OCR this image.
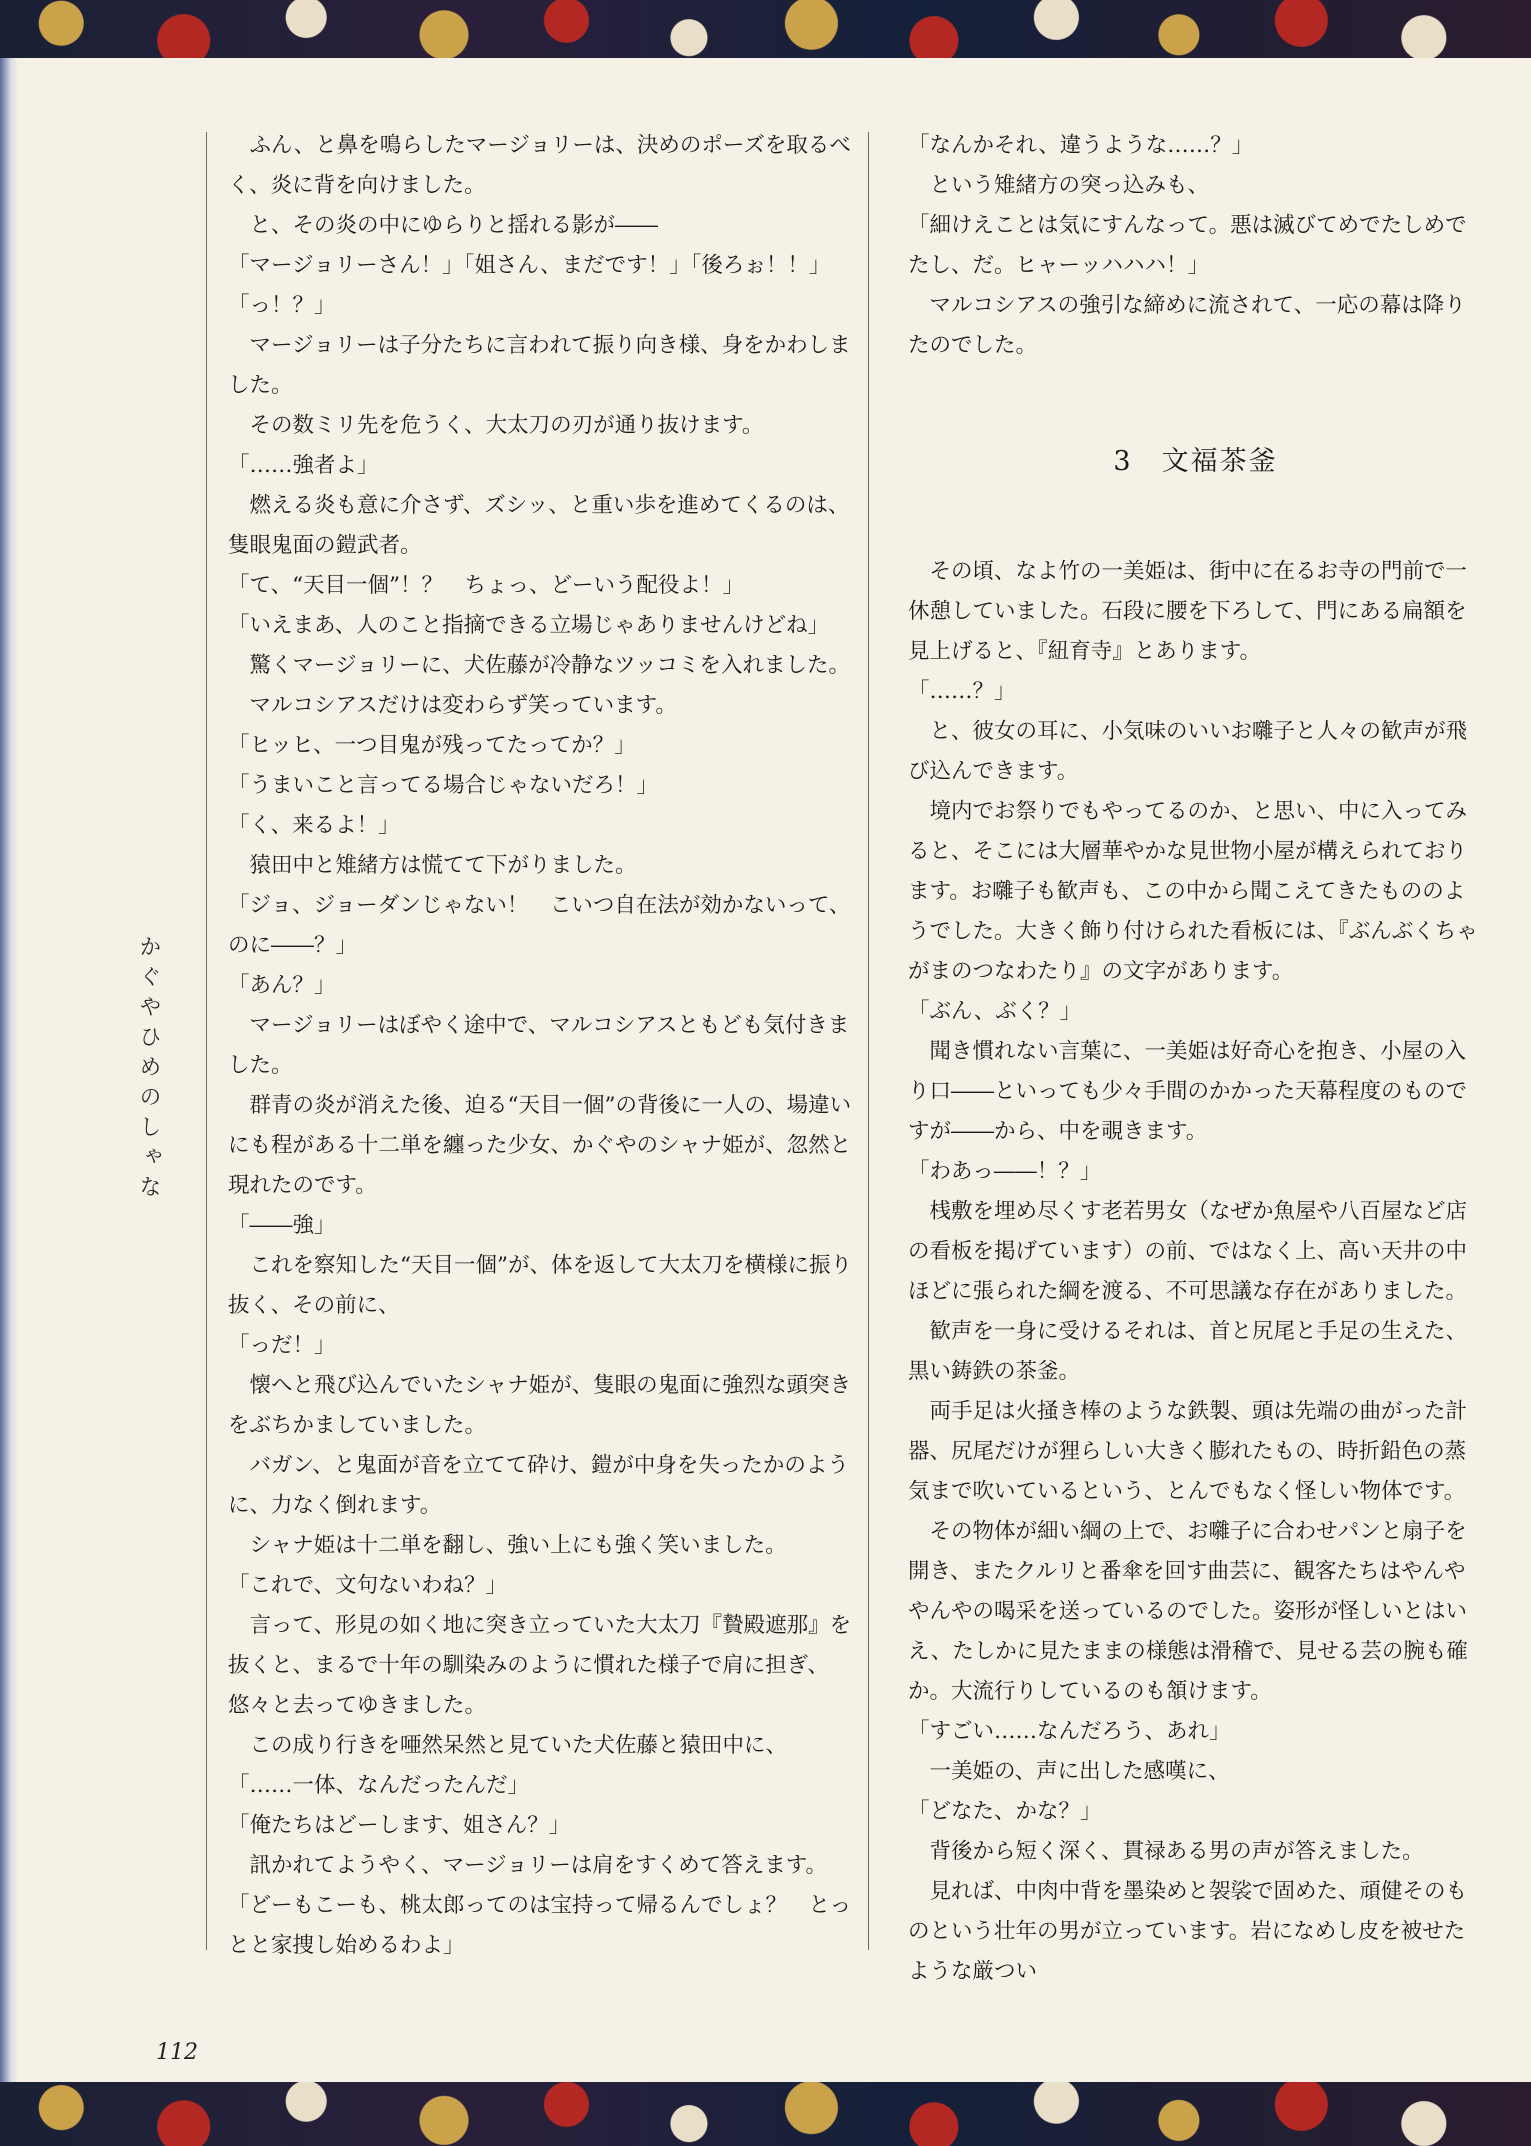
かぐやひめのしゃな

ふん、と鼻を鳴らしたマージョリーは、決めのポーズを取るべく、炎に背を向けました。

と、その炎の中にゆらりと揺れる影が――

「マージョリーさん！」「姐さん、まだです！」「後ろぉ！！」

「っ！？」

マージョリーは子分たちに言われて振り向き様、身をかわしました。

その数ミリ先を危うく、大太刀の刃が通り抜けます。

「……強者よ」

燃える炎も意に介さず、ズシッ、と重い歩を進めてくるのは、隻眼鬼面の鎧武者。

「て、“天目一個”！？　ちょっ、どーいう配役よ！」

「いえまあ、人のこと指摘できる立場じゃありませんけどね」

驚くマージョリーに、犬佐藤が冷静なツッコミを入れました。

マルコシアスだけは変わらず笑っています。

「ヒッヒ、一つ目鬼が残ってたってか？」

「うまいこと言ってる場合じゃないだろ！」

「く、来るよ！」

猿田中と雉緒方は慌てて下がりました。

「ジョ、ジョーダンじゃない！　こいつ自在法が効かないって、のに――？」

「あん？」

マージョリーはぼやく途中で、マルコシアスともども気付きました。

群青の炎が消えた後、迫る“天目一個”の背後に一人の、場違いにも程がある十二単を纏った少女、かぐやのシャナ姫が、忽然と現れたのです。

「――強」

これを察知した“天目一個”が、体を返して大太刀を横様に振り抜く、その前に、

「っだ！」

懐へと飛び込んでいたシャナ姫が、隻眼の鬼面に強烈な頭突きをぶちかましていました。

バガン、と鬼面が音を立てて砕け、鎧が中身を失ったかのように、力なく倒れます。

シャナ姫は十二単を翻し、強い上にも強く笑いました。

「これで、文句ないわね？」

言って、形見の如く地に突き立っていた大太刀『贄殿遮那』を抜くと、まるで十年の馴染みのように慣れた様子で肩に担ぎ、悠々と去ってゆきました。

この成り行きを唖然呆然と見ていた犬佐藤と猿田中に、

「……一体、なんだったんだ」

「俺たちはどーします、姐さん？」

訊かれてようやく、マージョリーは肩をすくめて答えます。

「どーもこーも、桃太郎ってのは宝持って帰るんでしょ？　とっとと家捜し始めるわよ」

「なんかそれ、違うような……？」

という雉緒方の突っ込みも、

「細けえことは気にすんなって。悪は滅びてめでたしめでたし、だ。ヒャーッハハハ！」

マルコシアスの強引な締めに流されて、一応の幕は降りたのでした。

3　文福茶釜

その頃、なよ竹の一美姫は、街中に在るお寺の門前で一休憩していました。石段に腰を下ろして、門にある扁額を見上げると、『紐育寺』とあります。

「……？」

と、彼女の耳に、小気味のいいお囃子と人々の歓声が飛び込んできます。

境内でお祭りでもやってるのか、と思い、中に入ってみると、そこには大層華やかな見世物小屋が構えられております。お囃子も歓声も、この中から聞こえてきたもののようでした。大きく飾り付けられた看板には、『ぶんぶくちゃがまのつなわたり』の文字があります。

「ぶん、ぶく？」

聞き慣れない言葉に、一美姫は好奇心を抱き、小屋の入り口――といっても少々手間のかかった天幕程度のものですが――から、中を覗きます。

「わあっ――！？」

桟敷を埋め尽くす老若男女（なぜか魚屋や八百屋など店の看板を掲げています）の前、ではなく上、高い天井の中ほどに張られた綱を渡る、不可思議な存在がありました。

歓声を一身に受けるそれは、首と尻尾と手足の生えた、黒い鋳鉄の茶釜。

両手足は火掻き棒のような鉄製、頭は先端の曲がった計器、尻尾だけが狸らしい大きく膨れたもの、時折鉛色の蒸気まで吹いているという、とんでもなく怪しい物体です。

その物体が細い綱の上で、お囃子に合わせパンと扇子を開き、またクルリと番傘を回す曲芸に、観客たちはやんややんやの喝采を送っているのでした。姿形が怪しいとはいえ、たしかに見たままの様態は滑稽で、見せる芸の腕も確か。大流行りしているのも頷けます。

「すごい……なんだろう、あれ」

一美姫の、声に出した感嘆に、

「どなた、かな？」

背後から短く深く、貫禄ある男の声が答えました。

見れば、中肉中背を墨染めと袈裟で固めた、頑健そのものという壮年の男が立っています。岩になめし皮を被せたような厳つい

112
